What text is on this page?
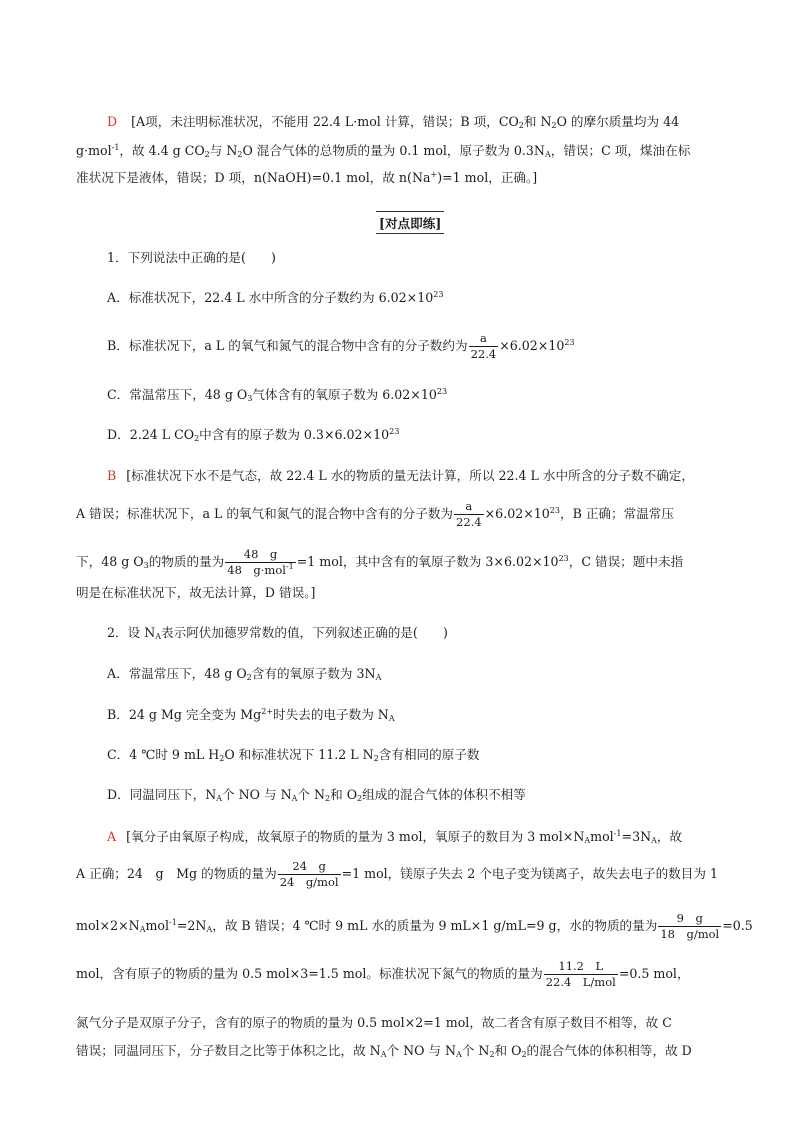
D [A项，未注明标准状况，不能用 22.4 L·mol 计算，错误；B 项，$CO_2$和 $N_2O$ 的摩尔质量均为 44
g·mol$^{-1}$，故 4.4 g $CO_2$与 $N_2O$ 混合气体的总物质的量为 0.1 mol，原子数为 $0.3N_A$，错误；C 项，煤油在标
准状况下是液体，错误；D 项，n(NaOH)=0.1 mol，故 n(Na+)=1 mol，正确。]
[对点即练]
1．下列说法中正确的是(　　)
A．标准状况下，22.4 L 水中所含的分子数约为 $6.02\times 10^{23}$
B．标准状况下，a L 的氧气和氮气的混合物中含有的分子数约为 $\frac{a}{22.4} \times 6.02\times 10^{23}$
C．常温常压下，48 g $O_3$气体含有的氧原子数为 $6.02\times 10^{23}$
D．2.24 L $CO_2$中含有的原子数为 $0.3\times 6.02\times 10^{23}$
B [标准状况下水不是气态，故 22.4 L 水的物质的量无法计算，所以 22.4 L 水中所含的分子数不确定，
A 错误；标准状况下，a L 的氧气和氮气的混合物中含有的分子数为 $\frac{a}{22.4} \times 6.02\times 10^{23}$，B 正确；常温常压
下，48 g $O_3$的物质的量为 $\frac{48 g}{48 g\cdot mol^{-1}} =1$ mol，其中含有的氧原子数为 $3\times 6.02\times 10^{23}$，C 错误；题中未指
明是在标准状况下，故无法计算，D 错误。]
2．设 $N_A$表示阿伏加德罗常数的值，下列叙述正确的是(　　)
A．常温常压下，48 g $O_2$含有的氧原子数为 $3N_A$
B．24 g Mg 完全变为 $Mg^{2+}$时失去的电子数为 $N_A$
C．4 ℃时 9 mL $H_2O$ 和标准状况下 11.2 L $N_2$含有相同的原子数
D．同温同压下，$N_A$个 NO 与 $N_A$个 $N_2$和 $O_2$组成的混合气体的体积不相等
A [氧分子由氧原子构成，故氧原子的物质的量为 3 mol，氧原子的数目为 3 $mol\times N_Amol^{-1}=3N_A$，故
A 正确；24　g　Mg 的物质的量为 $\frac{24 g}{\text{24　g/mol}} =1$ mol，镁原子失去 2 个电子变为镁离子，故失去电子的数目为 1
$mol\times 2\times N_Amol^{-1}=2N_A$，故 B 错误；4 ℃时 9 mL 水的质量为 9 mL×1 g/mL=9 g，水的物质的量为 $\frac{9 g}{\text{18　g/mol}} =0.5$
mol，含有原子的物质的量为 0.5 mol×3=1.5 mol。标准状况下氮气的物质的量为 $\frac{11.2 L}{\text{22.4　L/mol}} =0.5$ mol，
氮气分子是双原子分子，含有的原子的物质的量为 0.5 mol×2=1 mol，故二者含有原子数目不相等，故 C
错误；同温同压下，分子数目之比等于体积之比，故 $N_A$个 NO 与 $N_A$个 $N_2$和 $O_2$的混合气体的体积相等，故 D
